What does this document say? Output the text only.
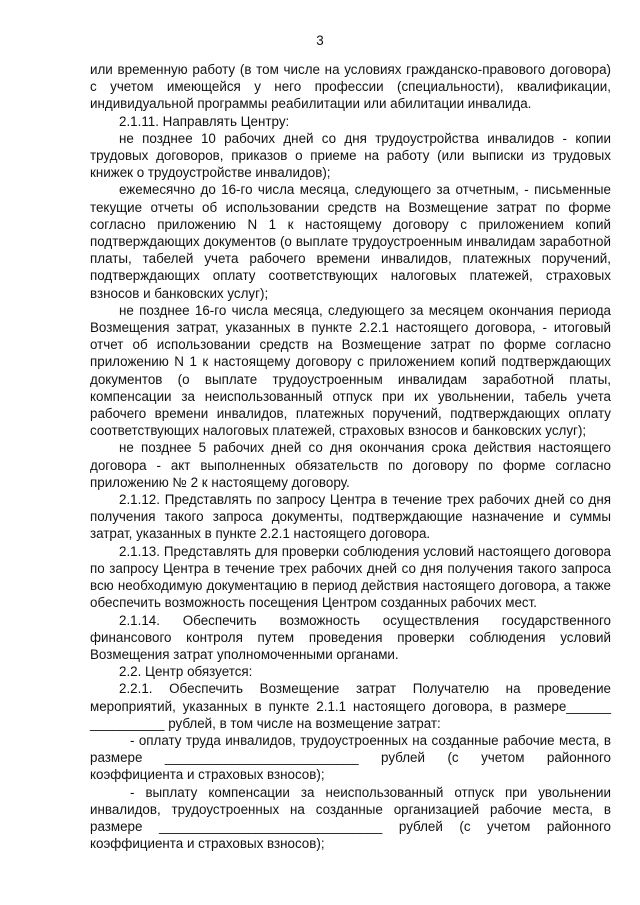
3

или временную работу (в том числе на условиях гражданско-правового договора) с учетом имеющейся у него профессии (специальности), квалификации, индивидуальной программы реабилитации или абилитации инвалида.

2.1.11. Направлять Центру:

не позднее 10 рабочих дней со дня трудоустройства инвалидов - копии трудовых договоров, приказов о приеме на работу (или выписки из трудовых книжек о трудоустройстве инвалидов);

ежемесячно до 16-го числа месяца, следующего за отчетным, - письменные текущие отчеты об использовании средств на Возмещение затрат по форме согласно приложению N 1 к настоящему договору с приложением копий подтверждающих документов (о выплате трудоустроенным инвалидам заработной платы, табелей учета рабочего времени инвалидов, платежных поручений, подтверждающих оплату соответствующих налоговых платежей, страховых взносов и банковских услуг);

не позднее 16-го числа месяца, следующего за месяцем окончания периода Возмещения затрат, указанных в пункте 2.2.1 настоящего договора, - итоговый отчет об использовании средств на Возмещение затрат по форме согласно приложению N 1 к настоящему договору с приложением копий подтверждающих документов (о выплате трудоустроенным инвалидам заработной платы, компенсации за неиспользованный отпуск при их увольнении, табель учета рабочего времени инвалидов, платежных поручений, подтверждающих оплату соответствующих налоговых платежей, страховых взносов и банковских услуг);

не позднее 5 рабочих дней со дня окончания срока действия настоящего договора - акт выполненных обязательств по договору по форме согласно приложению № 2 к настоящему договору.

2.1.12. Представлять по запросу Центра в течение трех рабочих дней со дня получения такого запроса документы, подтверждающие назначение и суммы затрат, указанных в пункте 2.2.1 настоящего договора.

2.1.13. Представлять для проверки соблюдения условий настоящего договора по запросу Центра в течение трех рабочих дней со дня получения такого запроса всю необходимую документацию в период действия настоящего договора, а также обеспечить возможность посещения Центром созданных рабочих мест.

2.1.14. Обеспечить возможность осуществления государственного финансового контроля путем проведения проверки соблюдения условий Возмещения затрат уполномоченными органами.

2.2. Центр обязуется:

2.2.1. Обеспечить Возмещение затрат Получателю на проведение мероприятий, указанных в пункте 2.1.1 настоящего договора, в размере______ __________ рублей, в том числе на возмещение затрат:

- оплату труда инвалидов, трудоустроенных на созданные рабочие места, в размере __________________________ рублей (с учетом районного коэффициента и страховых взносов);

- выплату компенсации за неиспользованный отпуск при увольнении инвалидов, трудоустроенных на созданные организацией рабочие места, в размере ______________________________ рублей (с учетом районного коэффициента и страховых взносов);
